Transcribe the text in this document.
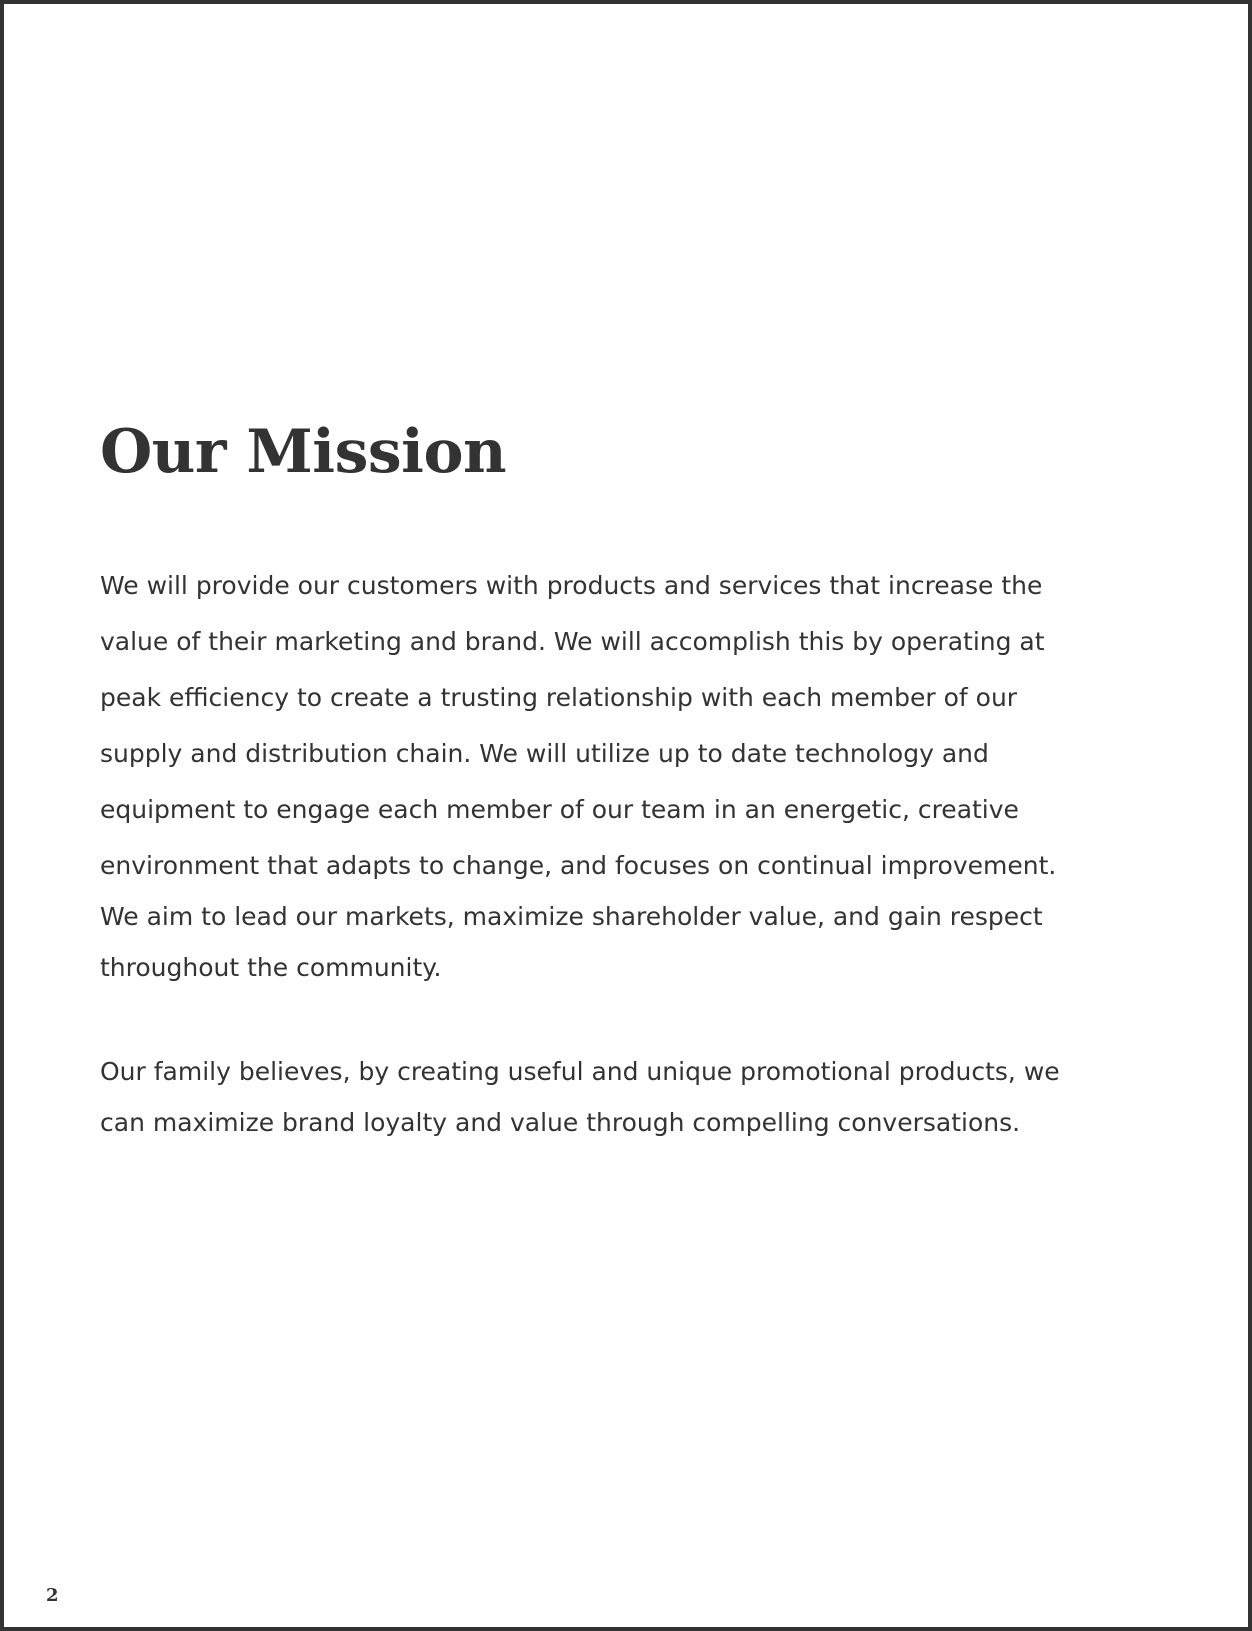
Our Mission
We will provide our customers with products and services that increase the
value of their marketing and brand. We will accomplish this by operating at
peak efficiency to create a trusting relationship with each member of our
supply and distribution chain. We will utilize up to date technology and
equipment to engage each member of our team in an energetic, creative
environment that adapts to change, and focuses on continual improvement.
We aim to lead our markets, maximize shareholder value, and gain respect
throughout the community.
Our family believes, by creating useful and unique promotional products, we
can maximize brand loyalty and value through compelling conversations.
2
